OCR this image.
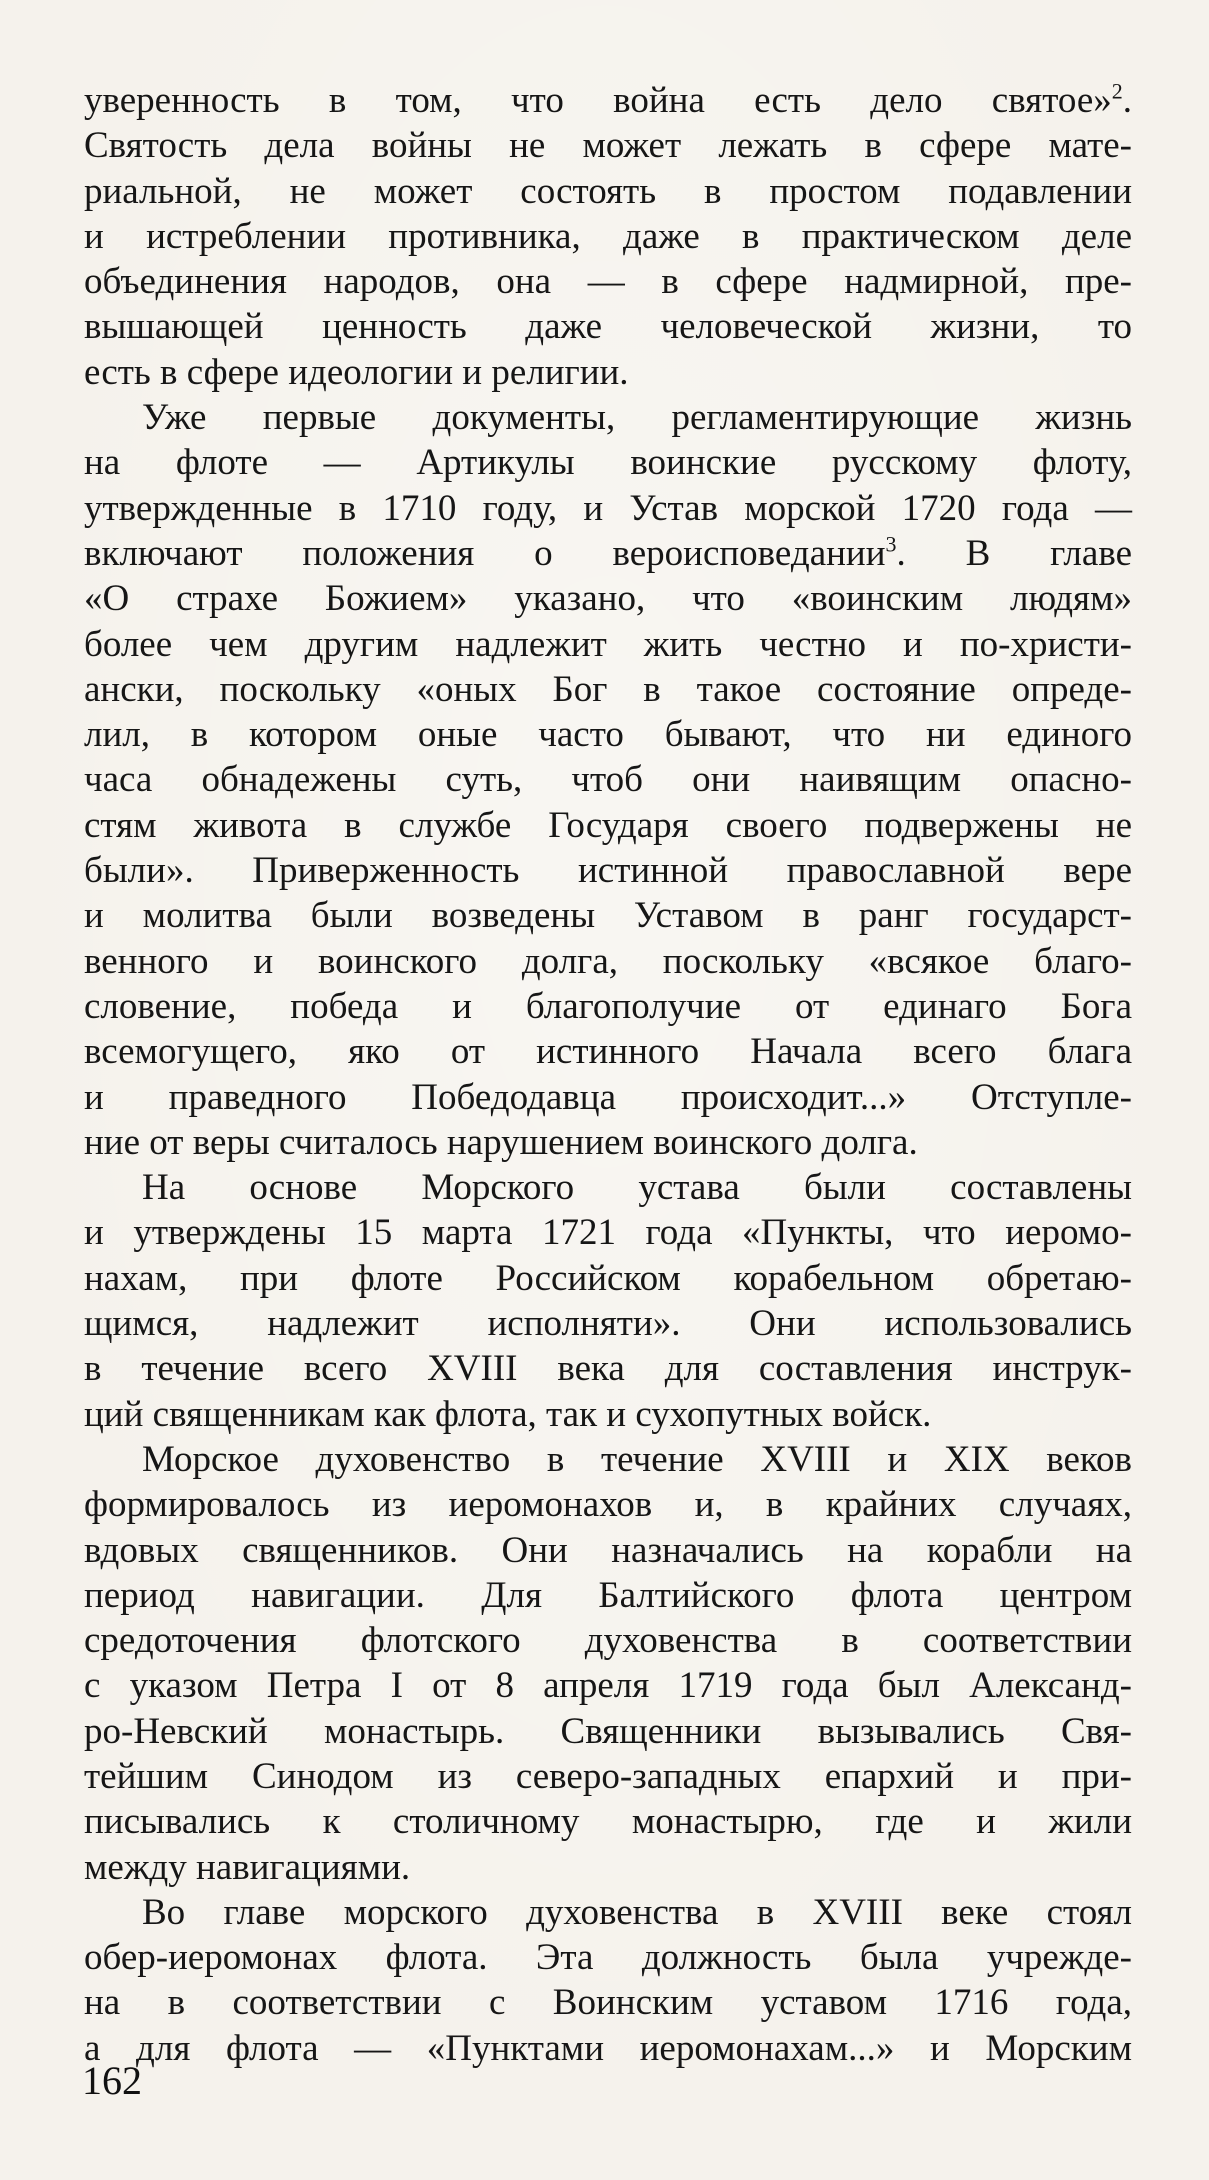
уверенность в том, что война есть дело святое»$^2$.
Святость дела войны не может лежать в сфере мате-
риальной, не может состоять в простом подавлении
и истреблении противника, даже в практическом деле
объединения народов, она — в сфере надмирной, пре-
вышающей ценность даже человеческой жизни, то
есть в сфере идеологии и религии.

Уже первые документы, регламентирующие жизнь
на флоте — Артикулы воинские русскому флоту,
утвержденные в 1710 году, и Устав морской 1720 года —
включают положения о вероисповедании$^3$. В главе
«О страхе Божием» указано, что «воинским людям»
более чем другим надлежит жить честно и по-христи-
ански, поскольку «оных Бог в такое состояние опреде-
лил, в котором оные часто бывают, что ни единого
часа обнадежены суть, чтоб они наивящим опасно-
стям живота в службе Государя своего подвержены не
были». Приверженность истинной православной вере
и молитва были возведены Уставом в ранг государст-
венного и воинского долга, поскольку «всякое благо-
словение, победа и благополучие от единаго Бога
всемогущего, яко от истинного Начала всего блага
и праведного Победодавца происходит...» Отступле-
ние от веры считалось нарушением воинского долга.

На основе Морского устава были составлены
и утверждены 15 марта 1721 года «Пункты, что иеромо-
нахам, при флоте Российском корабельном обретаю-
щимся, надлежит исполняти». Они использовались
в течение всего XVIII века для составления инструк-
ций священникам как флота, так и сухопутных войск.

Морское духовенство в течение XVIII и XIX веков
формировалось из иеромонахов и, в крайних случаях,
вдовых священников. Они назначались на корабли на
период навигации. Для Балтийского флота центром
средоточения флотского духовенства в соответствии
с указом Петра I от 8 апреля 1719 года был Александ-
ро-Невский монастырь. Священники вызывались Свя-
тейшим Синодом из северо-западных епархий и при-
писывались к столичному монастырю, где и жили
между навигациями.

Во главе морского духовенства в XVIII веке стоял
обер-иеромонах флота. Эта должность была учрежде-
на в соответствии с Воинским уставом 1716 года,
а для флота — «Пунктами иеромонахам...» и Морским

162
